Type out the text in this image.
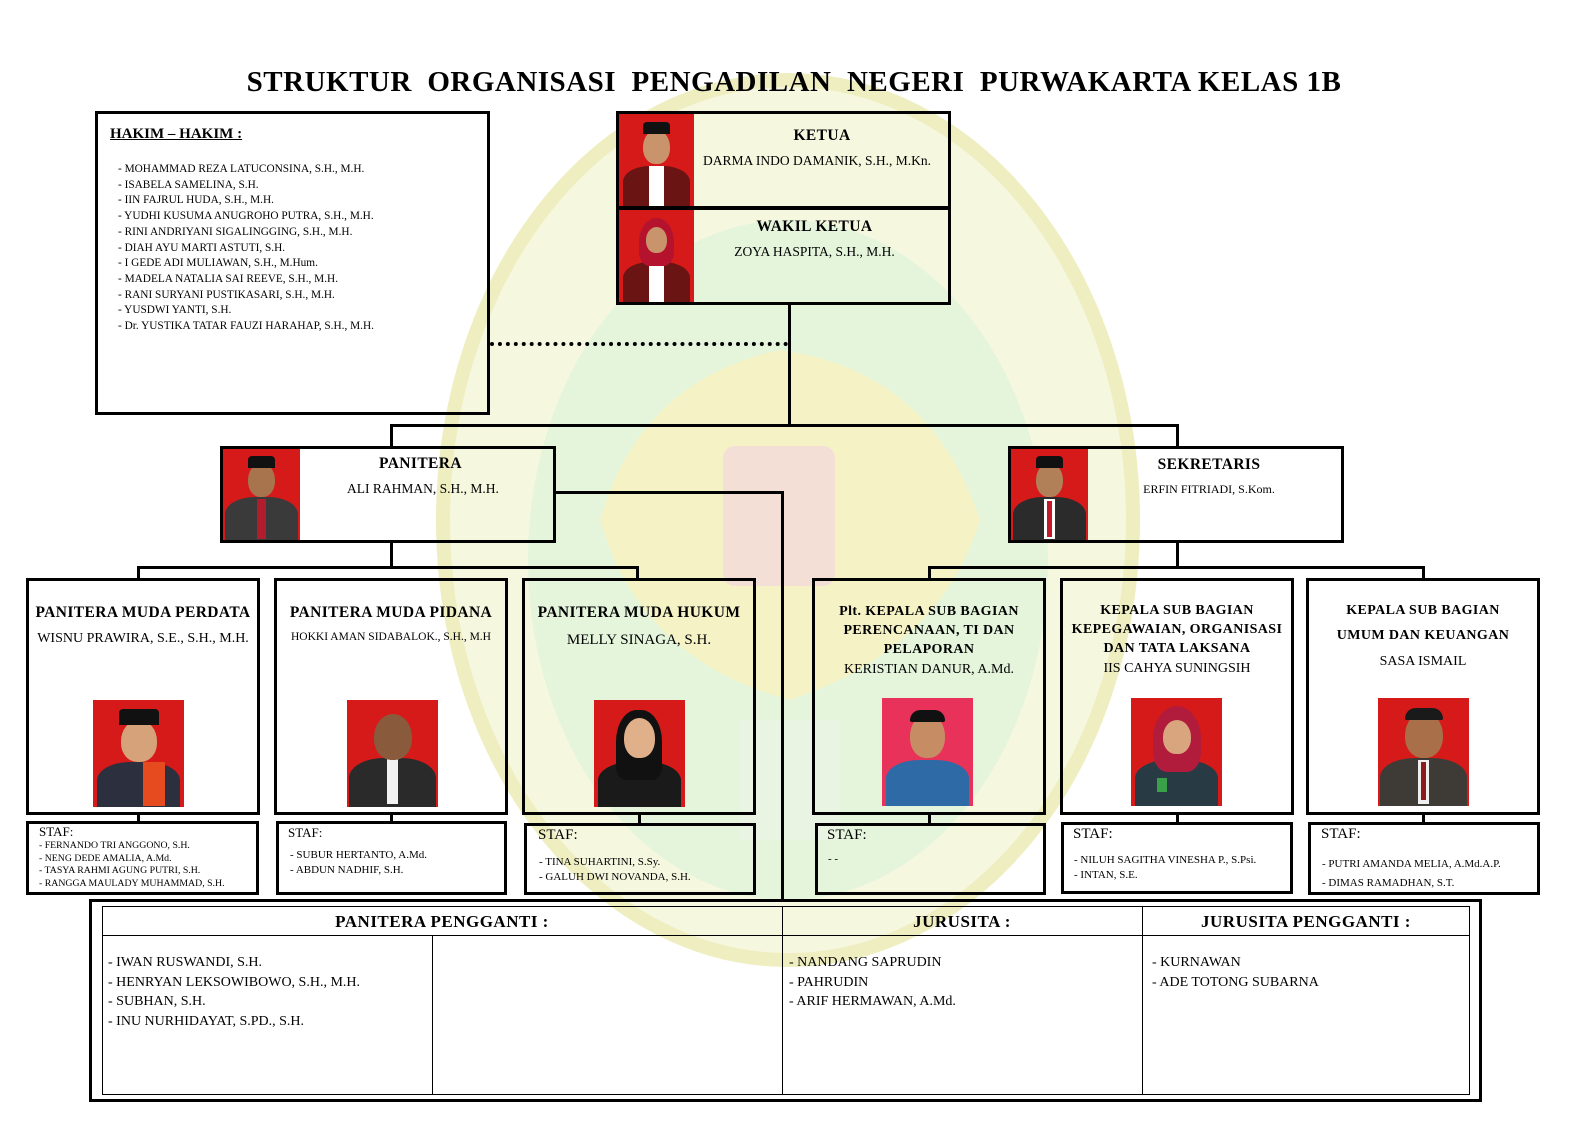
STRUKTUR  ORGANISASI  PENGADILAN  NEGERI  PURWAKARTA KELAS 1B
HAKIM – HAKIM :
- MOHAMMAD REZA LATUCONSINA, S.H., M.H.
- ISABELA SAMELINA, S.H.
- IIN FAJRUL HUDA, S.H., M.H.
- YUDHI KUSUMA ANUGROHO PUTRA, S.H., M.H.
- RINI ANDRIYANI SIGALINGGING, S.H., M.H.
- DIAH AYU MARTI ASTUTI, S.H.
- I GEDE ADI MULIAWAN, S.H., M.Hum.
- MADELA NATALIA SAI REEVE, S.H., M.H.
- RANI SURYANI PUSTIKASARI, S.H., M.H.
- YUSDWI YANTI, S.H.
- Dr. YUSTIKA TATAR FAUZI HARAHAP, S.H., M.H.
KETUA
DARMA INDO DAMANIK, S.H., M.Kn.
WAKIL KETUA
ZOYA HASPITA, S.H., M.H.
PANITERA
ALI RAHMAN, S.H., M.H.
SEKRETARIS
ERFIN FITRIADI, S.Kom.
PANITERA MUDA PERDATA
WISNU PRAWIRA, S.E., S.H., M.H.
STAF:
- FERNANDO TRI ANGGONO, S.H.
- NENG DEDE AMALIA, A.Md.
- TASYA RAHMI AGUNG PUTRI, S.H.
- RANGGA MAULADY MUHAMMAD, S.H.
PANITERA MUDA PIDANA
HOKKI AMAN SIDABALOK., S.H., M.H
STAF:
- SUBUR HERTANTO, A.Md.
- ABDUN NADHIF, S.H.
PANITERA MUDA HUKUM
MELLY SINAGA, S.H.
STAF:
- TINA SUHARTINI, S.Sy.
- GALUH DWI NOVANDA, S.H.
Plt. KEPALA SUB BAGIAN
PERENCANAAN, TI DAN
PELAPORAN
KERISTIAN DANUR, A.Md.
STAF:
- -
KEPALA SUB BAGIAN
KEPEGAWAIAN, ORGANISASI
DAN TATA LAKSANA
IIS CAHYA SUNINGSIH
STAF:
- NILUH SAGITHA VINESHA P., S.Psi.
- INTAN, S.E.
KEPALA SUB BAGIAN
UMUM DAN KEUANGAN
SASA ISMAIL
STAF:
- PUTRI AMANDA MELIA, A.Md.A.P.
- DIMAS RAMADHAN, S.T.
PANITERA PENGGANTI :	JURUSITA :	JURUSITA PENGGANTI :
- IWAN RUSWANDI, S.H.
- HENRYAN LEKSOWIBOWO, S.H., M.H.
- SUBHAN, S.H.
- INU NURHIDAYAT, S.PD., S.H.
- NANDANG SAPRUDIN
- PAHRUDIN
- ARIF HERMAWAN, A.Md.
- KURNAWAN
- ADE TOTONG SUBARNA
